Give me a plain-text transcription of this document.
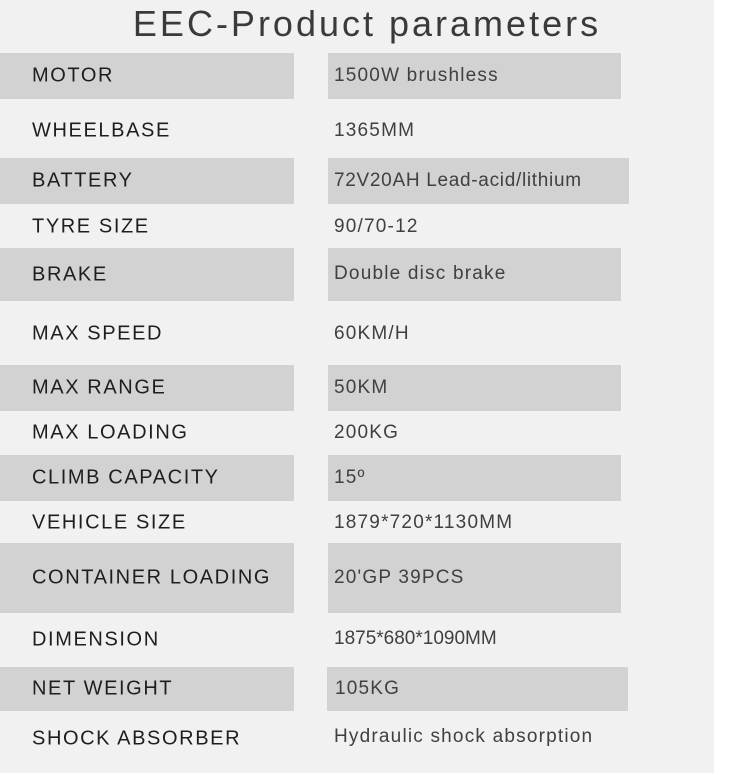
EEC-Product parameters
MOTOR	1500W brushless
WHEELBASE	1365MM
BATTERY	72V20AH Lead-acid/lithium
TYRE SIZE	90/70-12
BRAKE	Double disc brake
MAX SPEED	60KM/H
MAX RANGE	50KM
MAX LOADING	200KG
CLIMB CAPACITY	15º
VEHICLE SIZE	1879*720*1130MM
CONTAINER LOADING	20'GP 39PCS
DIMENSION	1875*680*1090MM
NET WEIGHT	105KG
SHOCK ABSORBER	Hydraulic shock absorption
